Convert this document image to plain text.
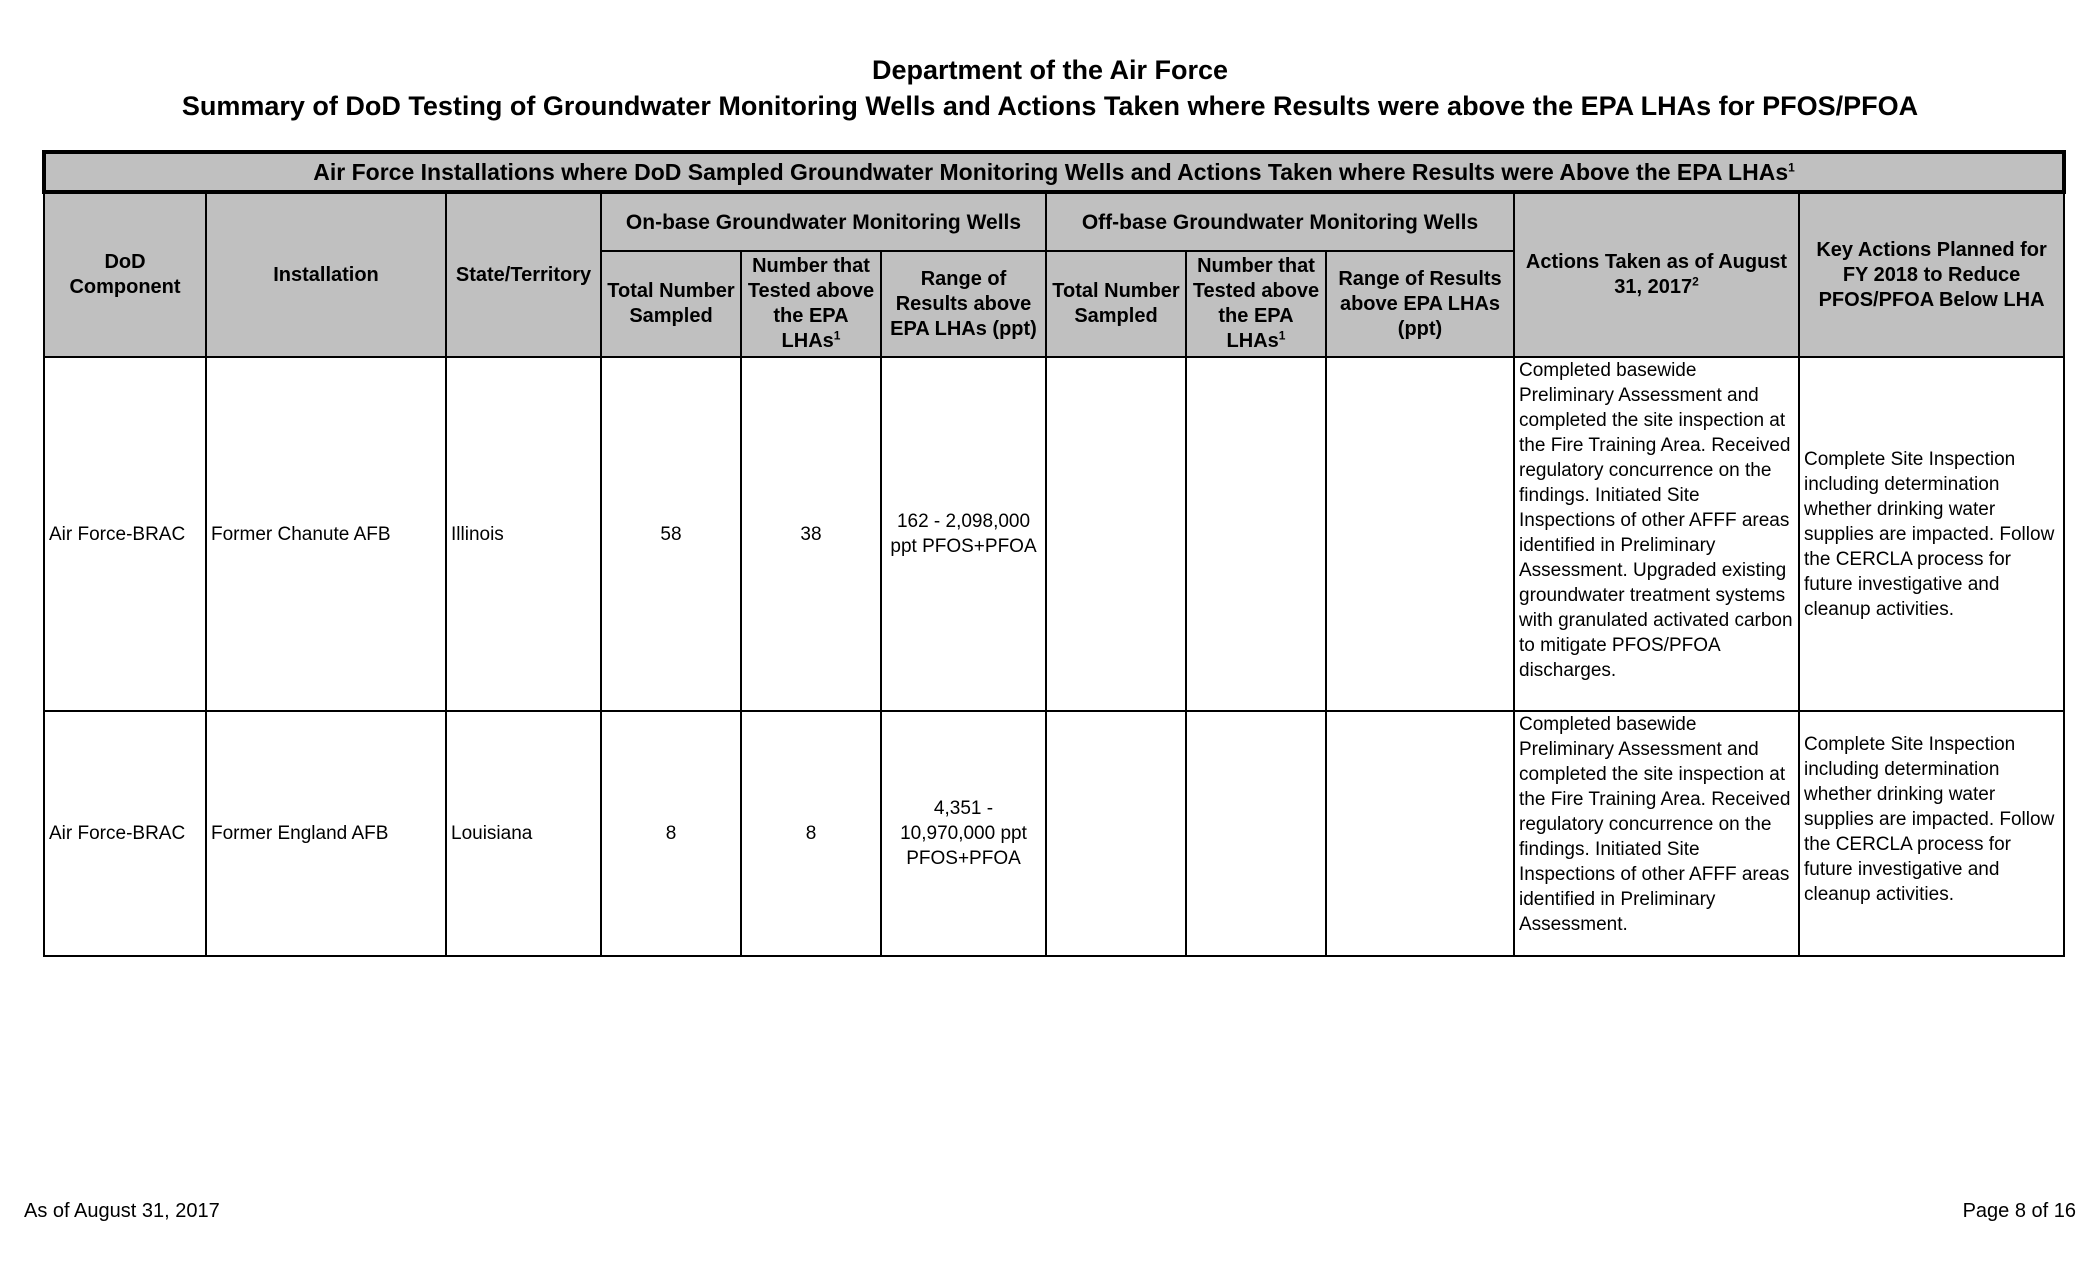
Department of the Air Force
Summary of DoD Testing of Groundwater Monitoring Wells and Actions Taken where Results were above the EPA LHAs for PFOS/PFOA
Air Force Installations where DoD Sampled Groundwater Monitoring Wells and Actions Taken where Results were Above the EPA LHAs$^1$
DoD Component	Installation	State/Territory	On-base Groundwater Monitoring Wells			Off-base Groundwater Monitoring Wells			Actions Taken as of August 31, 2017$^2$	Key Actions Planned for FY 2018 to Reduce PFOS/PFOA Below LHA
			Total Number Sampled	Number that Tested above the EPA LHAs$^1$	Range of Results above EPA LHAs (ppt)	Total Number Sampled	Number that Tested above the EPA LHAs$^1$	Range of Results above EPA LHAs (ppt)		
Air Force-BRAC	Former Chanute AFB	Illinois	58	38	162 - 2,098,000 ppt PFOS+PFOA				Completed basewide Preliminary Assessment and completed the site inspection at the Fire Training Area. Received regulatory concurrence on the findings. Initiated Site Inspections of other AFFF areas identified in Preliminary Assessment. Upgraded existing groundwater treatment systems with granulated activated carbon to mitigate PFOS/PFOA discharges.	Complete Site Inspection including determination whether drinking water supplies are impacted. Follow the CERCLA process for future investigative and cleanup activities.
Air Force-BRAC	Former England AFB	Louisiana	8	8	4,351 - 10,970,000 ppt PFOS+PFOA				Completed basewide Preliminary Assessment and completed the site inspection at the Fire Training Area. Received regulatory concurrence on the findings. Initiated Site Inspections of other AFFF areas identified in Preliminary Assessment.	Complete Site Inspection including determination whether drinking water supplies are impacted. Follow the CERCLA process for future investigative and cleanup activities.
As of August 31, 2017	Page 8 of 16
